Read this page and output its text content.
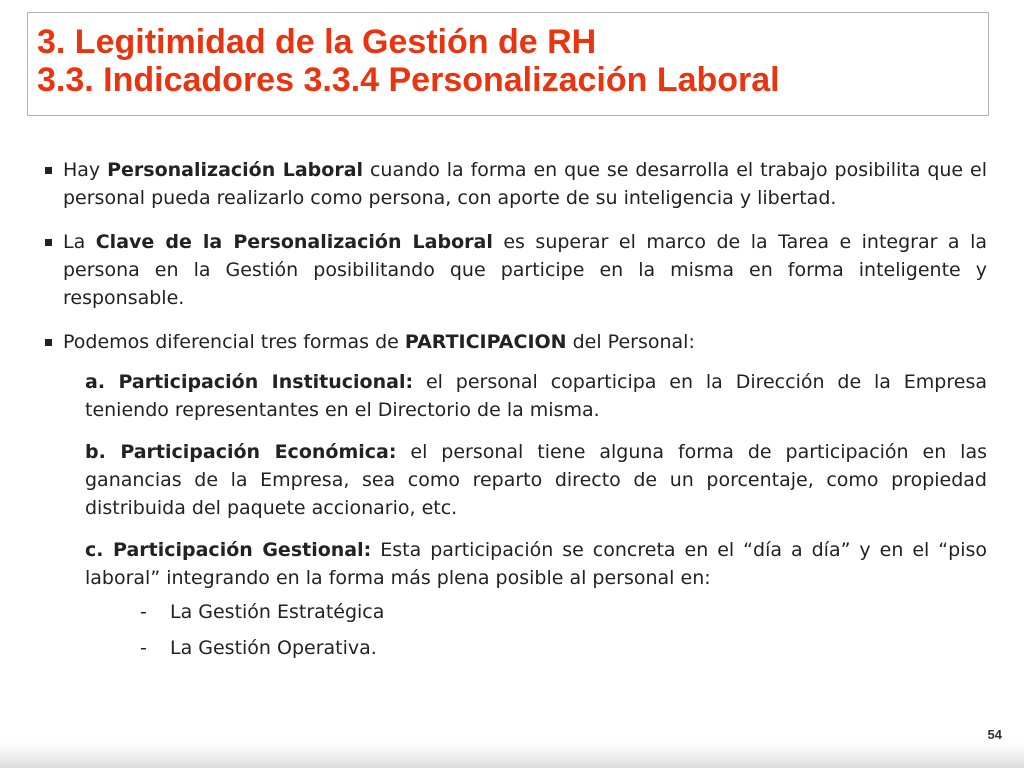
3. Legitimidad de la Gestión de RH
3.3. Indicadores 3.3.4 Personalización Laboral

Hay Personalización Laboral cuando la forma en que se desarrolla el trabajo posibilita que el personal pueda realizarlo como persona, con aporte de su inteligencia y libertad.

La Clave de la Personalización Laboral es superar el marco de la Tarea e integrar a la persona en la Gestión posibilitando que participe en la misma en forma inteligente y responsable.

Podemos diferencial tres formas de PARTICIPACION del Personal:

a. Participación Institucional: el personal coparticipa en la Dirección de la Empresa teniendo representantes en el Directorio de la misma.

b. Participación Económica: el personal tiene alguna forma de participación en las ganancias de la Empresa, sea como reparto directo de un porcentaje, como propiedad distribuida del paquete accionario, etc.

c. Participación Gestional: Esta participación se concreta en el “día a día” y en el “piso laboral” integrando en la forma más plena posible al personal en:

- La Gestión Estratégica

- La Gestión Operativa.

54
